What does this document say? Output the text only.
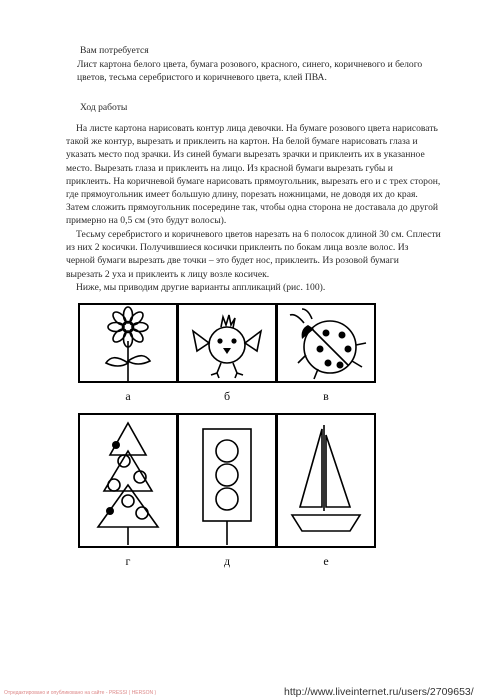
Вам потребуется
Лист картона белого цвета, бумага розового, красного, синего, коричневого и белого
цветов, тесьма серебристого и коричневого цвета, клей ПВА.
Ход работы
На листе картона нарисовать контур лица девочки. На бумаге розового цвета нарисовать
такой же контур, вырезать и приклеить на картон. На белой бумаге нарисовать глаза и
указать место под зрачки. Из синей бумаги вырезать зрачки и приклеить их в указанное
место. Вырезать глаза и приклеить на лицо. Из красной бумаги вырезать губы и
приклеить. На коричневой бумаге нарисовать прямоугольник, вырезать его и с трех сторон,
где прямоугольник имеет большую длину, порезать ножницами, не доводя их до края.
Затем сложить прямоугольник посередине так, чтобы одна сторона не доставала до другой
примерно на 0,5 см (это будут волосы).
Тесьму серебристого и коричневого цветов нарезать на 6 полосок длиной 30 см. Сплести
из них 2 косички. Получившиеся косички приклеить по бокам лица возле волос. Из
черной бумаги вырезать две точки – это будет нос, приклеить. Из розовой бумаги
вырезать 2 уха и приклеить к лицу возле косичек.
Ниже, мы приводим другие варианты аппликаций (рис. 100).
а	б	в
г	д	е
Отредактировано и опубликовано на сайте - PRESSI ( HERSON )	http://www.liveinternet.ru/users/2709653/
